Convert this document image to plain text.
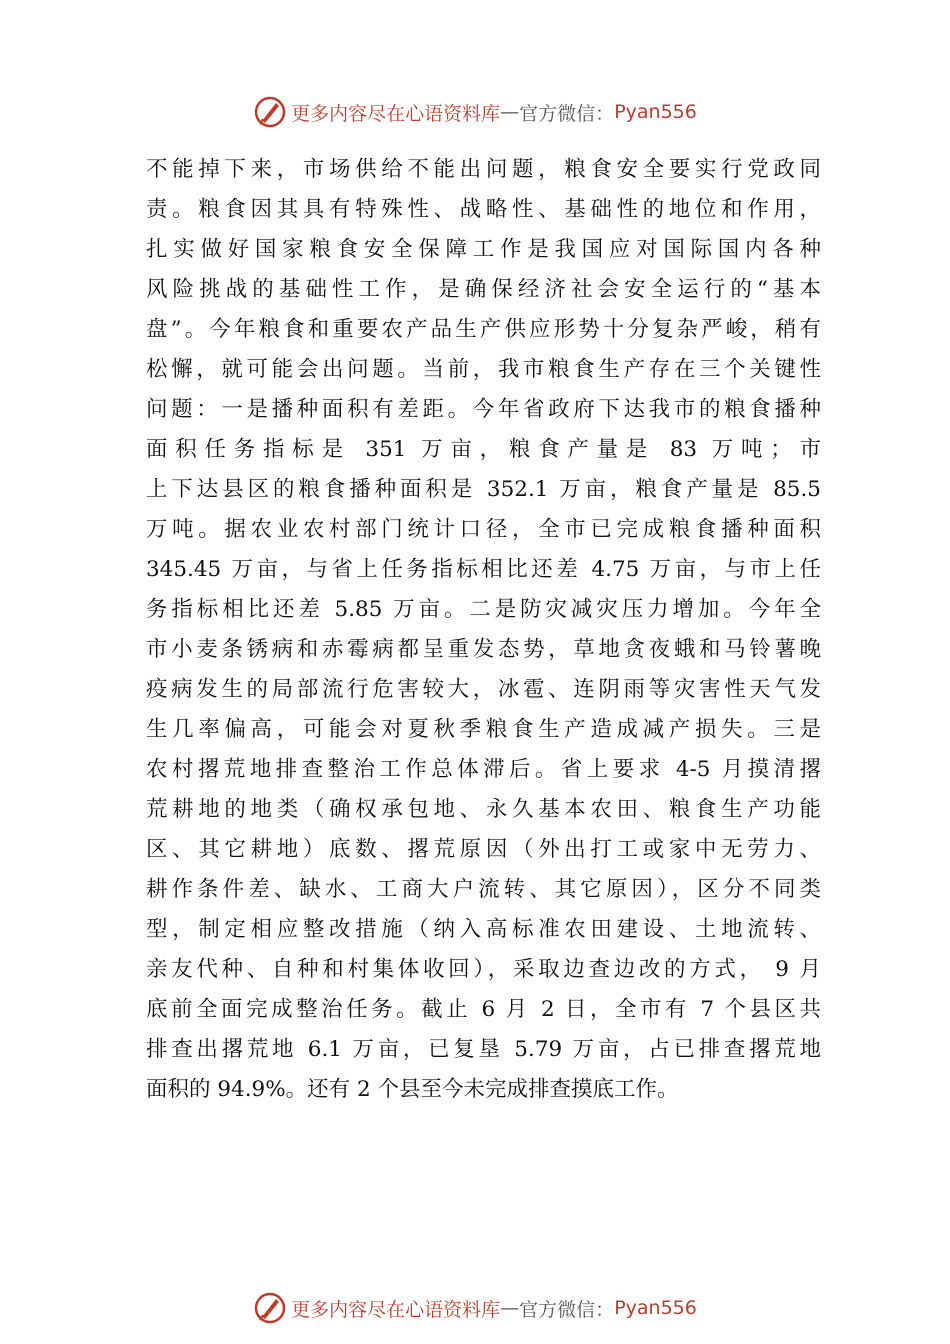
更多内容尽在心语资料库 — 官方微信： Pyan556
不能掉下来，市场供给不能出问题，粮食安全要实行党政同
责。粮食因其具有特殊性、战略性、基础性的地位和作用，
扎实做好国家粮食安全保障工作是我国应对国际国内各种
风险挑战的基础性工作，是确保经济社会安全运行的“基本
盘”。今年粮食和重要农产品生产供应形势十分复杂严峻，稍有
松懈，就可能会出问题。当前，我市粮食生产存在三个关键性
问题：一是播种面积有差距。今年省政府下达我市的粮食播种
面积任务指标是 351 万亩，粮食产量是 83 万吨；市
上下达县区的粮食播种面积是 352.1 万亩，粮食产量是 85.5
万吨。据农业农村部门统计口径，全市已完成粮食播种面积
345.45 万亩，与省上任务指标相比还差 4.75 万亩，与市上任
务指标相比还差 5.85 万亩。二是防灾减灾压力增加。今年全
市小麦条锈病和赤霉病都呈重发态势，草地贪夜蛾和马铃薯晚
疫病发生的局部流行危害较大，冰雹、连阴雨等灾害性天气发
生几率偏高，可能会对夏秋季粮食生产造成减产损失。三是
农村撂荒地排查整治工作总体滞后。省上要求 4-5 月摸清撂
荒耕地的地类（确权承包地、永久基本农田、粮食生产功能
区、其它耕地）底数、撂荒原因（外出打工或家中无劳力、
耕作条件差、缺水、工商大户流转、其它原因），区分不同类
型，制定相应整改措施（纳入高标准农田建设、土地流转、
亲友代种、自种和村集体收回），采取边查边改的方式， 9 月
底前全面完成整治任务。截止 6 月 2 日，全市有 7 个县区共
排查出撂荒地 6.1 万亩，已复垦 5.79 万亩，占已排查撂荒地
面积的 94.9%。还有 2 个县至今未完成排查摸底工作。
更多内容尽在心语资料库 — 官方微信： Pyan556
